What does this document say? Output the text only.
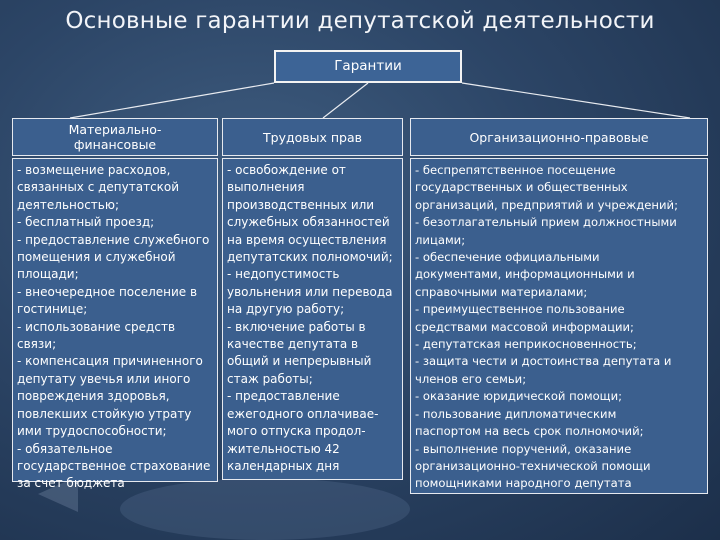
Основные гарантии депутатской деятельности
Гарантии
Материально-
финансовые
- возмещение расходов,
связанных с депутатской
деятельностью;
- бесплатный проезд;
- предоставление служебного
помещения и служебной
площади;
- внеочередное поселение в
гостинице;
- использование средств
связи;
- компенсация причиненного
депутату увечья или иного
повреждения здоровья,
повлекших стойкую утрату
ими трудоспособности;
- обязательное
государственное страхование
за счет бюджета
Трудовых прав
- освобождение от
выполнения
производственных или
служебных обязанностей
на время осуществления
депутатских полномочий;
- недопустимость
увольнения или перевода
на другую работу;
- включение работы в
качестве депутата в
общий и непрерывный
стаж работы;
- предоставление
ежегодного оплачивае-
мого отпуска продол-
жительностью 42
календарных дня
Организационно-правовые
- беспрепятственное посещение
государственных и общественных
организаций, предприятий и учреждений;
- безотлагательный прием должностными
лицами;
- обеспечение официальными
документами, информационными и
справочными материалами;
- преимущественное пользование
средствами массовой информации;
- депутатская неприкосновенность;
- защита чести и достоинства депутата и
членов его семьи;
- оказание юридической помощи;
- пользование дипломатическим
паспортом на весь срок полномочий;
- выполнение поручений, оказание
организационно-технической помощи
помощниками народного депутата
